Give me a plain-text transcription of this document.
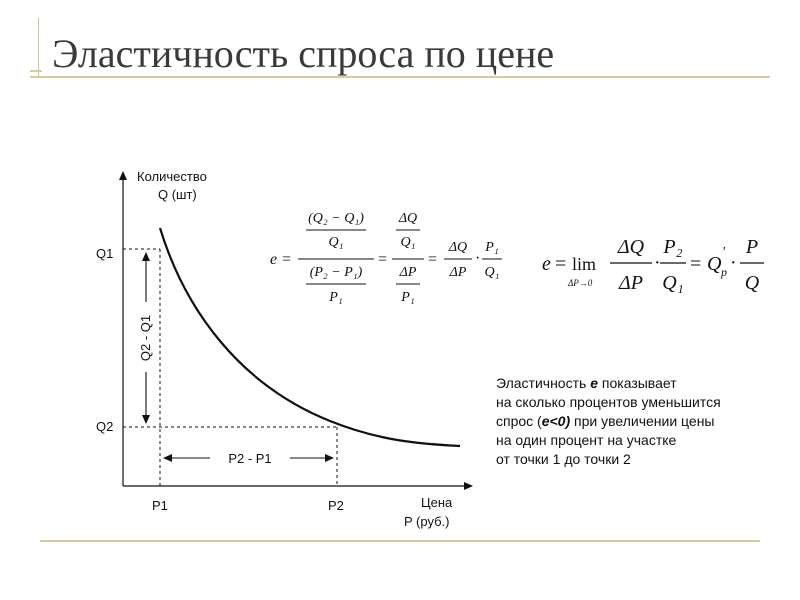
Эластичность спроса по цене
Количество
Q (шт)
Цена
P (руб.)
Q1
Q2
P1	P2
Q2 - Q1
P2 - P1
e =
(Q₂ − Q₁)
Q₁
(P₂ − P₁)
P₁
=
ΔQ
Q₁
ΔP
P₁
=
ΔQ
ΔP
·
P₁
Q₁ e = lim
ΔP→0
ΔQ
ΔP
·
P₂
Q₁
= Q
'
p ·
P
Q
Эластичность e показывает
на сколько процентов уменьшится
спрос (e<0) при увеличении цены
на один процент на участке
от точки 1 до точки 2
